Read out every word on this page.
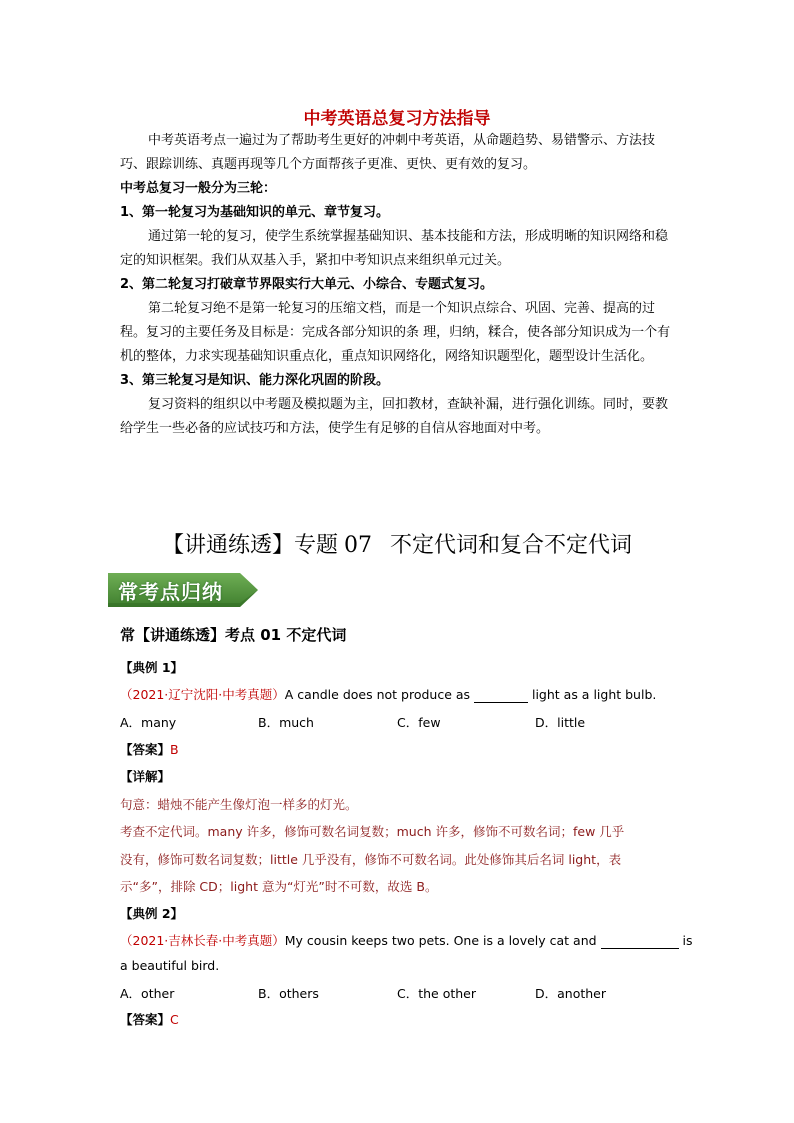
中考英语总复习方法指导

中考英语考点一遍过为了帮助考生更好的冲刺中考英语，从命题趋势、易错警示、方法技巧、跟踪训练、真题再现等几个方面帮孩子更准、更快、更有效的复习。

中考总复习一般分为三轮：

1、第一轮复习为基础知识的单元、章节复习。

通过第一轮的复习，使学生系统掌握基础知识、基本技能和方法，形成明晰的知识网络和稳定的知识框架。我们从双基入手，紧扣中考知识点来组织单元过关。

2、第二轮复习打破章节界限实行大单元、小综合、专题式复习。

第二轮复习绝不是第一轮复习的压缩文档，而是一个知识点综合、巩固、完善、提高的过程。复习的主要任务及目标是：完成各部分知识的条 理，归纳，糅合，使各部分知识成为一个有机的整体，力求实现基础知识重点化，重点知识网络化，网络知识题型化，题型设计生活化。

3、第三轮复习是知识、能力深化巩固的阶段。

复习资料的组织以中考题及模拟题为主，回扣教材，查缺补漏，进行强化训练。同时，要教给学生一些必备的应试技巧和方法，使学生有足够的自信从容地面对中考。

【讲通练透】专题 07 不定代词和复合不定代词
常考点归纳
常【讲通练透】考点 01 不定代词
【典例 1】
（2021·辽宁沈阳·中考真题）A candle does not produce as	light as a light bulb.
A．many	B．much	C．few	D．little
【答案】B
【详解】
句意：蜡烛不能产生像灯泡一样多的灯光。
考查不定代词。many 许多，修饰可数名词复数；much 许多，修饰不可数名词；few 几乎
没有，修饰可数名词复数；little 几乎没有，修饰不可数名词。此处修饰其后名词 light，表
示“多”，排除 CD；light 意为“灯光”时不可数，故选 B。
【典例 2】
（2021·吉林长春·中考真题）My cousin keeps two pets. One is a lovely cat and	is
a beautiful bird.
A．other	B．others	C．the other	D．another
【答案】C
